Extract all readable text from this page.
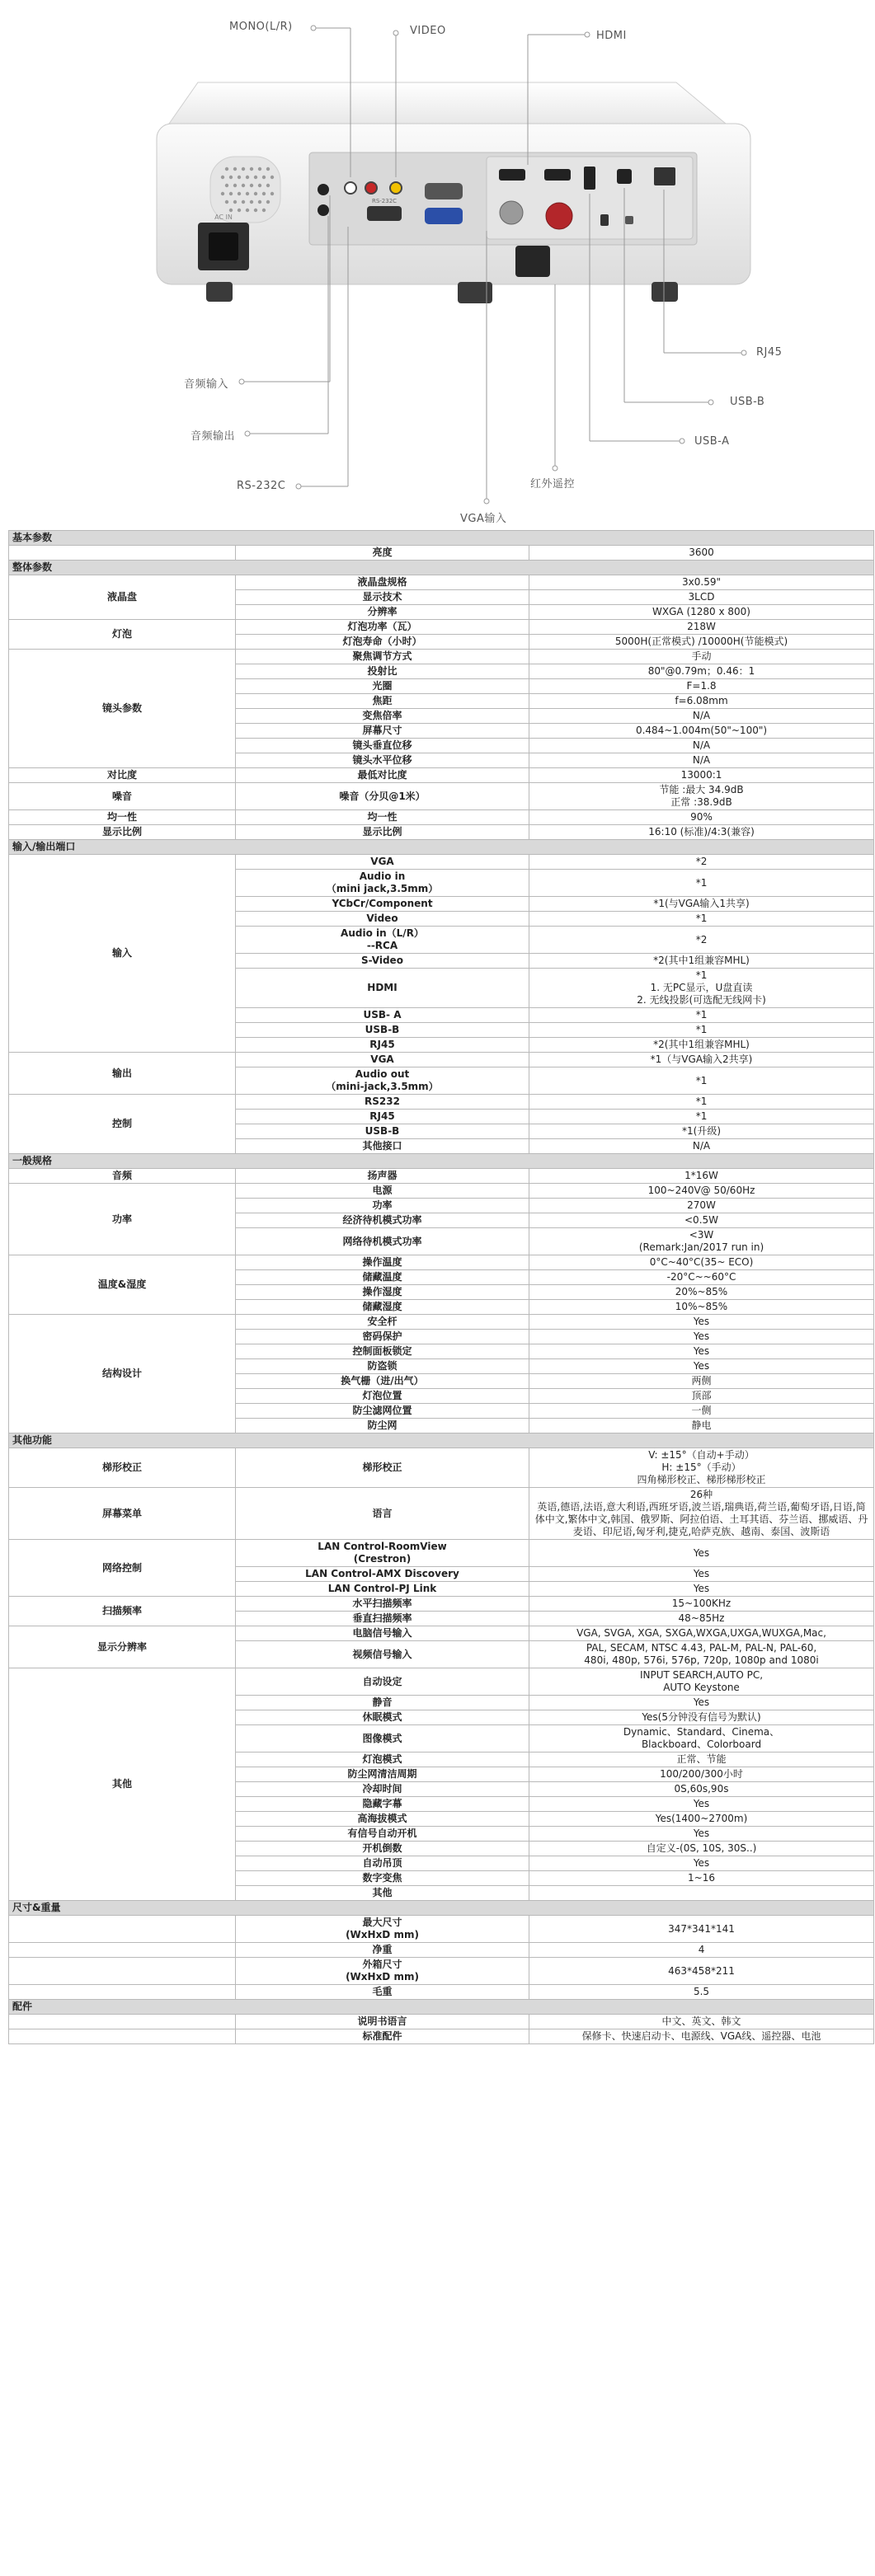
AC IN
RS-232C
MONO(L/R)	VIDEO	HDMI
RJ45
USB-B
USB-A
红外遥控
VGA输入
RS-232C
音频输出
音频输入
基本参数		
	亮度	3600
整体参数		
液晶盘	液晶盘规格	3x0.59"
	显示技术	3LCD
	分辨率	WXGA (1280 x 800)
灯泡	灯泡功率（瓦）	218W
	灯泡寿命（小时）	5000H(正常模式) /10000H(节能模式)
镜头参数	聚焦调节方式	手动
	投射比	80"@0.79m；0.46：1
	光圈	F=1.8
	焦距	f=6.08mm
	变焦倍率	N/A
	屏幕尺寸	0.484~1.004m(50"~100")
	镜头垂直位移	N/A
	镜头水平位移	N/A
对比度	最低对比度	13000:1
噪音	噪音（分贝@1米）	节能 :最大 34.9dB
正常 :38.9dB
均一性	均一性	90%
显示比例	显示比例	16:10 (标准)/4:3(兼容)
输入/输出端口		
输入	VGA	*2
	Audio in
（mini jack,3.5mm）	*1
	YCbCr/Component	*1(与VGA输入1共享)
	Video	*1
	Audio in（L/R）
--RCA	*2
	S-Video	*2(其中1组兼容MHL)
	HDMI	*1
1. 无PC显示，U盘直读
2. 无线投影(可选配无线网卡)
	USB- A	*1
	USB-B	*1
	RJ45	*2(其中1组兼容MHL)
输出	VGA	*1（与VGA输入2共享)
	Audio out
（mini-jack,3.5mm）	*1
控制	RS232	*1
	RJ45	*1
	USB-B	*1(升级)
	其他接口	N/A
一般规格		
音频	扬声器	1*16W
功率	电源	100~240V@ 50/60Hz
	功率	270W
	经济待机模式功率	<0.5W
	网络待机模式功率	<3W
(Remark:Jan/2017 run in)
温度&湿度	操作温度	0°C~40°C(35~ ECO)
	储藏温度	-20°C~~60°C
	操作湿度	20%~85%
	储藏湿度	10%~85%
结构设计	安全杆	Yes
	密码保护	Yes
	控制面板锁定	Yes
	防盗锁	Yes
	换气栅（进/出气）	两侧
	灯泡位置	顶部
	防尘滤网位置	一侧
	防尘网	静电
其他功能		
梯形校正	梯形校正	V: ±15°（自动+手动）
H: ±15°（手动）
四角梯形校正、梯形梯形校正
屏幕菜单	语言	26种
英语,德语,法语,意大利语,西班牙语,波兰语,瑞典语,荷兰语,葡萄牙语,日语,简体中文,繁体中文,韩国、俄罗斯、阿拉伯语、土耳其语、芬兰语、挪威语、丹麦语、印尼语,匈牙利,捷克,哈萨克族、越南、泰国、波斯语
网络控制	LAN Control-RoomView
(Crestron)	Yes
	LAN Control-AMX Discovery	Yes
	LAN Control-PJ Link	Yes
扫描频率	水平扫描频率	15~100KHz
	垂直扫描频率	48~85Hz
显示分辨率	电脑信号输入	VGA, SVGA, XGA, SXGA,WXGA,UXGA,WUXGA,Mac,
	视频信号输入	PAL, SECAM, NTSC 4.43, PAL-M, PAL-N, PAL-60,
480i, 480p, 576i, 576p, 720p, 1080p and 1080i
其他	自动设定	INPUT SEARCH,AUTO PC,
AUTO Keystone
	静音	Yes
	休眠模式	Yes(5分钟没有信号为默认)
	图像模式	Dynamic、Standard、Cinema、
Blackboard、Colorboard
	灯泡模式	正常、节能
	防尘网清洁周期	100/200/300小时
	冷却时间	0S,60s,90s
	隐藏字幕	Yes
	高海拔模式	Yes(1400~2700m)
	有信号自动开机	Yes
	开机倒数	自定义-(0S, 10S, 30S..)
	自动吊顶	Yes
	数字变焦	1~16
	其他	
尺寸&重量		
	最大尺寸
(WxHxD mm)	347*341*141
	净重	4
	外箱尺寸
(WxHxD mm)	463*458*211
	毛重	5.5
配件		
	说明书语言	中文、英文、韩文
	标准配件	保修卡、快速启动卡、电源线、VGA线、遥控器、电池
